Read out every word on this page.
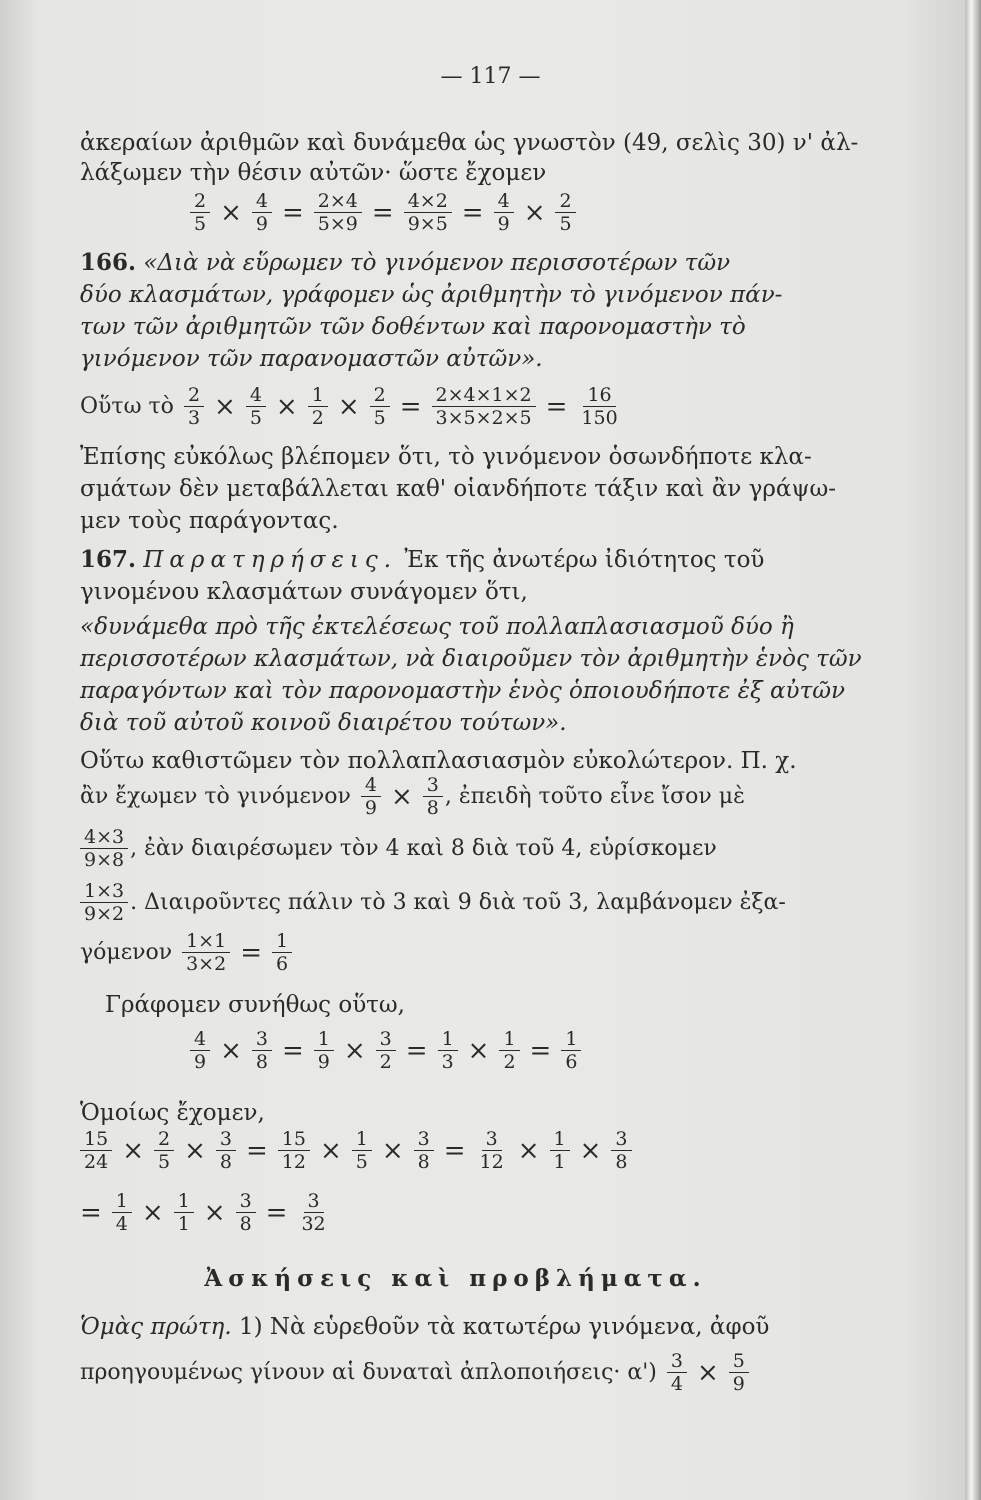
— 117 —
ἀκεραίων ἀριθμῶν καὶ δυνάμεθα ὡς γνωστὸν (49, σελὶς 30) ν' ἀλ-
λάξωμεν τὴν θέσιν αὐτῶν· ὥστε ἔχομεν
$\frac{2}{5} \times \frac{4}{9} = \frac{2\times 4}{5\times 9} = \frac{4\times 2}{9\times 5} = \frac{4}{9} \times \frac{2}{5}$
166. «Διὰ νὰ εὕρωμεν τὸ γινόμενον περισσοτέρων τῶν
δύο κλασμάτων, γράφομεν ὡς ἀριθμητὴν τὸ γινόμενον πάν-
των τῶν ἀριθμητῶν τῶν δοθέντων καὶ παρονομαστὴν τὸ
γινόμενον τῶν παρανομαστῶν αὐτῶν».
Οὕτω τὸ $\frac{2}{3} \times \frac{4}{5} \times \frac{1}{2} \times \frac{2}{5} = \frac{2\times 4\times 1\times 2}{3\times 5\times 2\times 5} = \frac{16}{150}$
Ἐπίσης εὐκόλως βλέπομεν ὅτι, τὸ γινόμενον ὁσωνδήποτε κλα-
σμάτων δὲν μεταβάλλεται καθ' οἱανδήποτε τάξιν καὶ ἂν γράψω-
μεν τοὺς παράγοντας.
167. Παρατηρήσεις. Ἐκ τῆς ἀνωτέρω ἰδιότητος τοῦ
γινομένου κλασμάτων συνάγομεν ὅτι,
«δυνάμεθα πρὸ τῆς ἐκτελέσεως τοῦ πολλαπλασιασμοῦ δύο ἢ
περισσοτέρων κλασμάτων, νὰ διαιροῦμεν τὸν ἀριθμητὴν ἑνὸς τῶν
παραγόντων καὶ τὸν παρονομαστὴν ἑνὸς ὁποιουδήποτε ἐξ αὐτῶν
διὰ τοῦ αὐτοῦ κοινοῦ διαιρέτου τούτων».
Οὕτω καθιστῶμεν τὸν πολλαπλασιασμὸν εὐκολώτερον. Π. χ.
ἂν ἔχωμεν τὸ γινόμενον $\frac{4}{9} \times \frac{3}{8}$ , ἐπειδὴ τοῦτο εἶνε ἴσον μὲ
$\frac{4\times 3}{9\times 8}$ , ἐὰν διαιρέσωμεν τὸν 4 καὶ 8 διὰ τοῦ 4, εὑρίσκομεν
$\frac{1\times 3}{9\times 2}$ . Διαιροῦντες πάλιν τὸ 3 καὶ 9 διὰ τοῦ 3, λαμβάνομεν ἐξα-
γόμενον $\frac{1\times 1}{3\times 2} = \frac{1}{6}$
Γράφομεν συνήθως οὕτω,
$\frac{4}{9} \times \frac{3}{8} = \frac{1}{9} \times \frac{3}{2} = \frac{1}{3} \times \frac{1}{2} = \frac{1}{6}$
Ὁμοίως ἔχομεν,
$\frac{15}{24} \times \frac{2}{5} \times \frac{3}{8} = \frac{15}{12} \times \frac{1}{5} \times \frac{3}{8} = \frac{3}{12} \times \frac{1}{1} \times \frac{3}{8}$
= $\frac{1}{4} \times \frac{1}{1} \times \frac{3}{8} = \frac{3}{32}$
Ἀσκήσεις καὶ προβλήματα.
Ὁμὰς πρώτη. 1) Νὰ εὑρεθοῦν τὰ κατωτέρω γινόμενα, ἀφοῦ
προηγουμένως γίνουν αἱ δυναταὶ ἀπλοποιήσεις· $\alpha') \frac{3}{4} \times \frac{5}{9}$
